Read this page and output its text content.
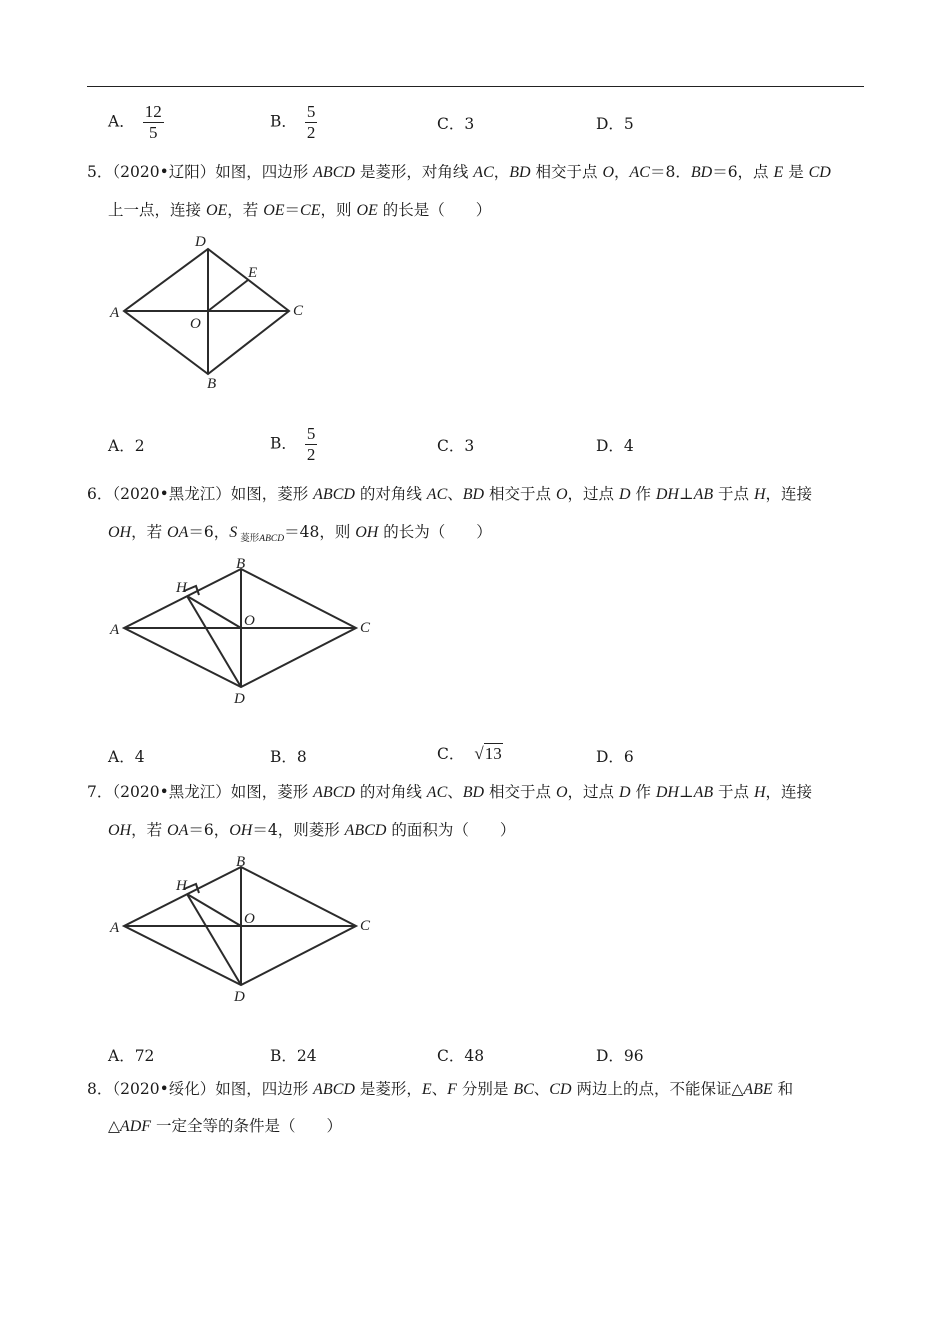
A． $\frac{12}{5}$	B． $\frac{5}{2}$	C．3	D．5
5．（2020•辽阳）如图，四边形 ABCD 是菱形，对角线 AC，BD 相交于点 O，AC＝8．BD＝6，点 E 是 CD
上一点，连接 OE，若 OE＝CE，则 OE 的长是（　　）
D
E
A	C
O
B
A．2	B． $\frac{5}{2}$	C．3	D．4
6．（2020•黑龙江）如图，菱形 ABCD 的对角线 AC、BD 相交于点 O，过点 D 作 DH⊥AB 于点 H，连接
OH，若 OA＝6，S $_{菱形ABCD}$＝48，则 OH 的长为（　　）
H
B
A
O	C
D
A．4	B．8	C． √13	D．6
7．（2020•黑龙江）如图，菱形 ABCD 的对角线 AC、BD 相交于点 O，过点 D 作 DH⊥AB 于点 H，连接
OH，若 OA＝6，OH＝4，则菱形 ABCD 的面积为（　　）
H
B
A
O	C
D
A．72	B．24	C．48	D．96
8．（2020•绥化）如图，四边形 ABCD 是菱形，E、F 分别是 BC、CD 两边上的点，不能保证△ABE 和
△ADF 一定全等的条件是（　　）
